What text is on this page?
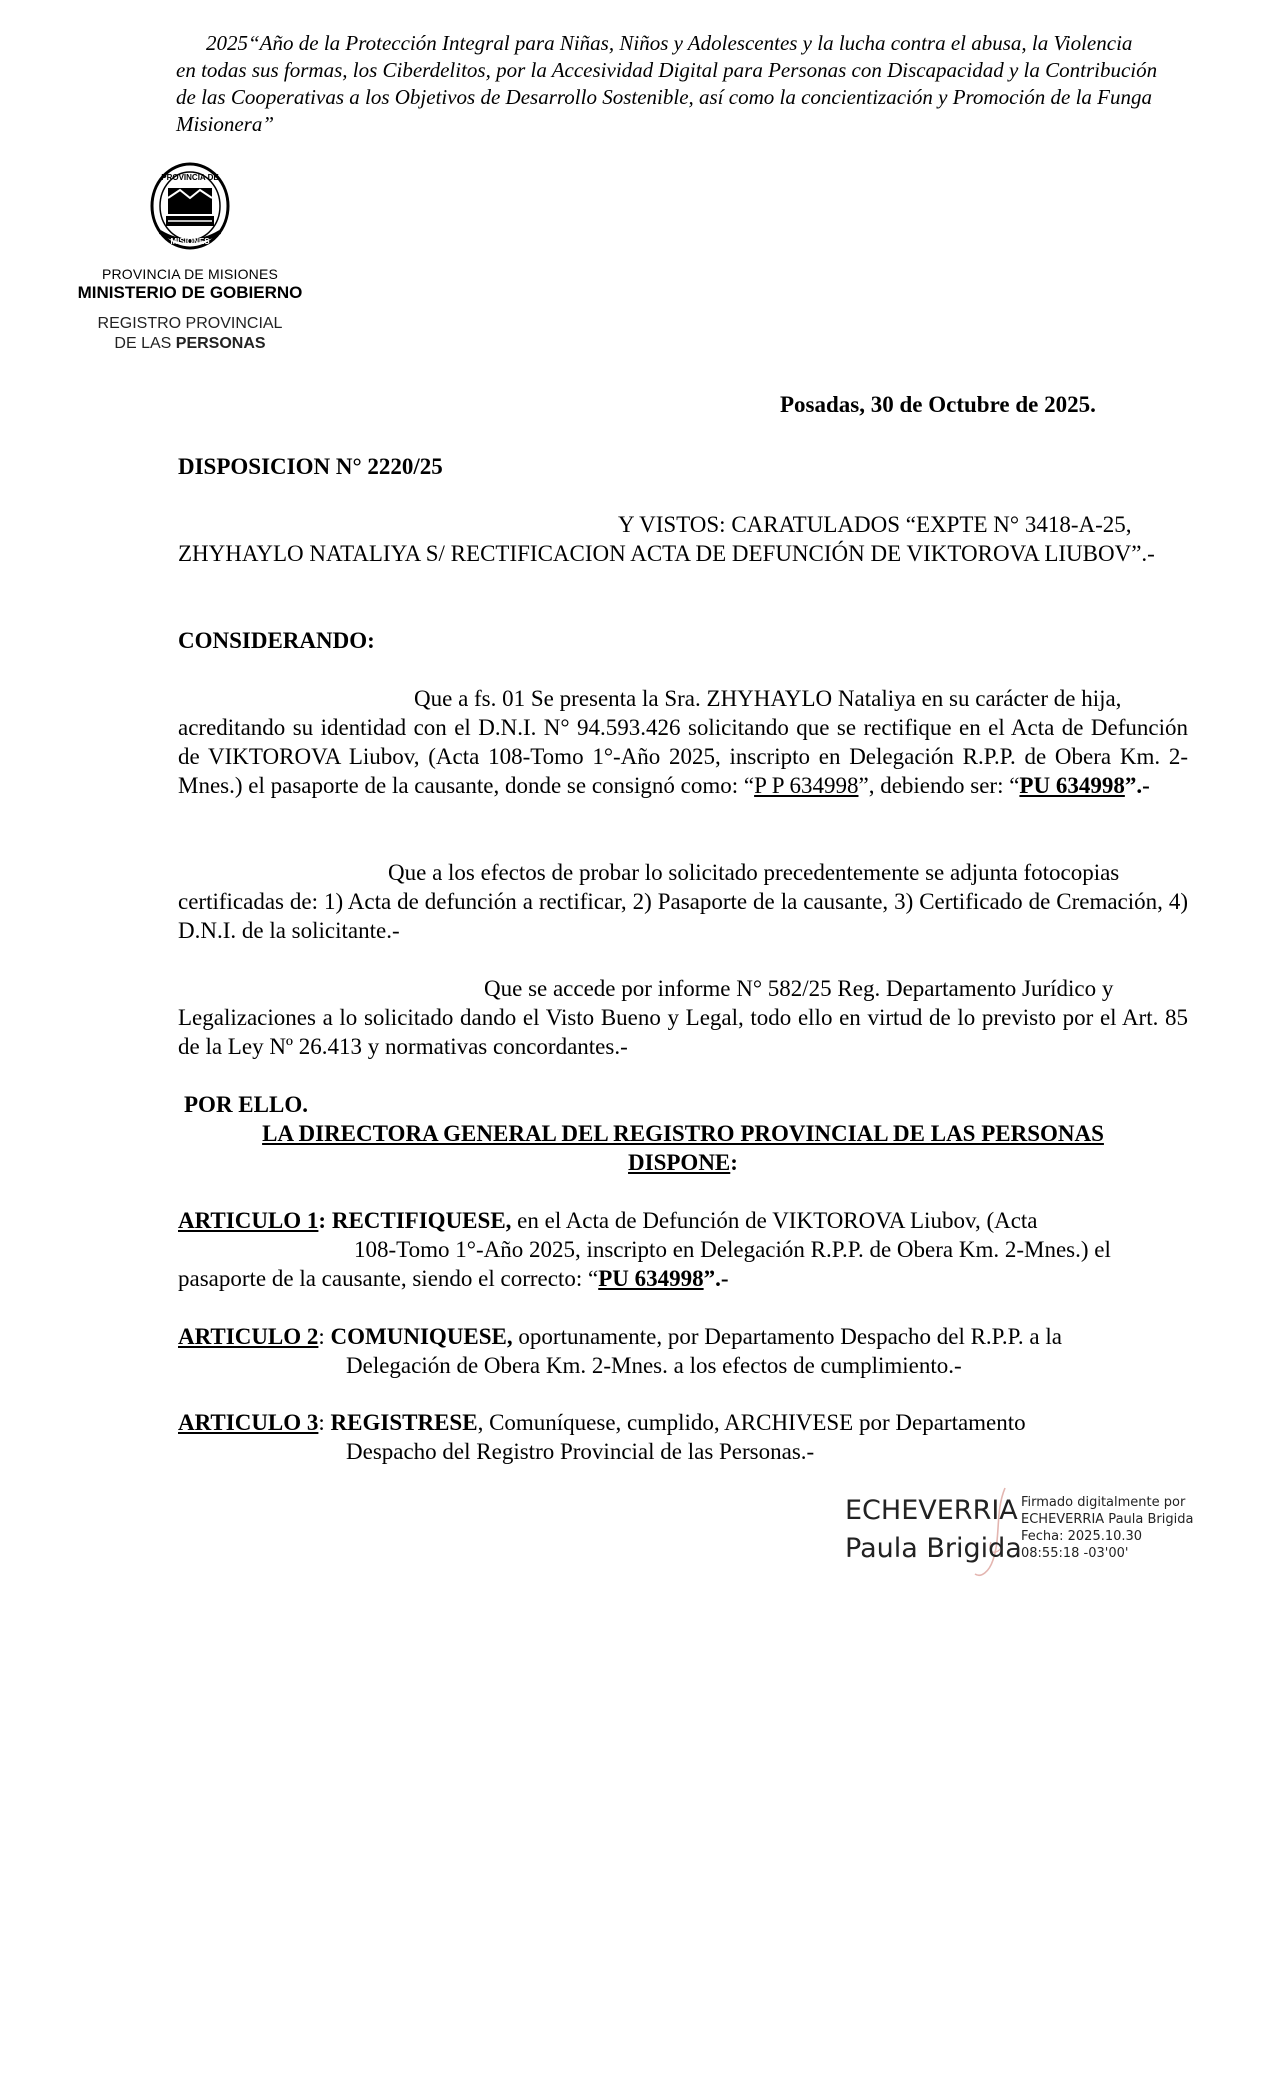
2025“Año de la Protección Integral para Niñas, Niños y Adolescentes y la lucha contra el abusa, la Violencia
en todas sus formas, los Ciberdelitos, por la Accesividad Digital para Personas con Discapacidad y la Contribución
de las Cooperativas a los Objetivos de Desarrollo Sostenible, así como la concientización y Promoción de la Funga
Misionera”
PROVINCIA DE
MISIONES
PROVINCIA DE MISIONES
MINISTERIO DE GOBIERNO
REGISTRO PROVINCIAL
DE LAS PERSONAS
Posadas, 30 de Octubre de 2025.
DISPOSICION N° 2220/25
Y VISTOS: CARATULADOS “EXPTE N° 3418-A-25,
ZHYHAYLO NATALIYA S/ RECTIFICACION ACTA DE DEFUNCIÓN DE VIKTOROVA LIUBOV”.-
CONSIDERANDO:
Que a fs. 01 Se presenta la Sra. ZHYHAYLO Nataliya en su carácter de hija,
acreditando su identidad con el D.N.I. N° 94.593.426 solicitando que se rectifique en el Acta de Defunción de VIKTOROVA Liubov, (Acta 108-Tomo 1°-Año 2025, inscripto en Delegación R.P.P. de Obera Km. 2-Mnes.) el pasaporte de la causante, donde se consignó como: “P P 634998”, debiendo ser: “PU 634998”.-
Que a los efectos de probar lo solicitado precedentemente se adjunta fotocopias
certificadas de: 1) Acta de defunción a rectificar, 2) Pasaporte de la causante, 3) Certificado de Cremación, 4) D.N.I. de la solicitante.-
Que se accede por informe N° 582/25 Reg. Departamento Jurídico y
Legalizaciones a lo solicitado dando el Visto Bueno y Legal, todo ello en virtud de lo previsto por el Art. 85 de la Ley Nº 26.413 y normativas concordantes.-
POR ELLO.
LA DIRECTORA GENERAL DEL REGISTRO PROVINCIAL DE LAS PERSONAS
DISPONE:
ARTICULO 1: RECTIFIQUESE, en el Acta de Defunción de VIKTOROVA Liubov, (Acta
108-Tomo 1°-Año 2025, inscripto en Delegación R.P.P. de Obera Km. 2-Mnes.) el
pasaporte de la causante, siendo el correcto: “PU 634998”.-
ARTICULO 2: COMUNIQUESE, oportunamente, por Departamento Despacho del R.P.P. a la
Delegación de Obera Km. 2-Mnes. a los efectos de cumplimiento.-
ARTICULO 3: REGISTRESE, Comuníquese, cumplido, ARCHIVESE por Departamento
Despacho del Registro Provincial de las Personas.-
ECHEVERRIA
Paula Brigida
Firmado digitalmente por
ECHEVERRIA Paula Brigida
Fecha: 2025.10.30
08:55:18 -03'00'
